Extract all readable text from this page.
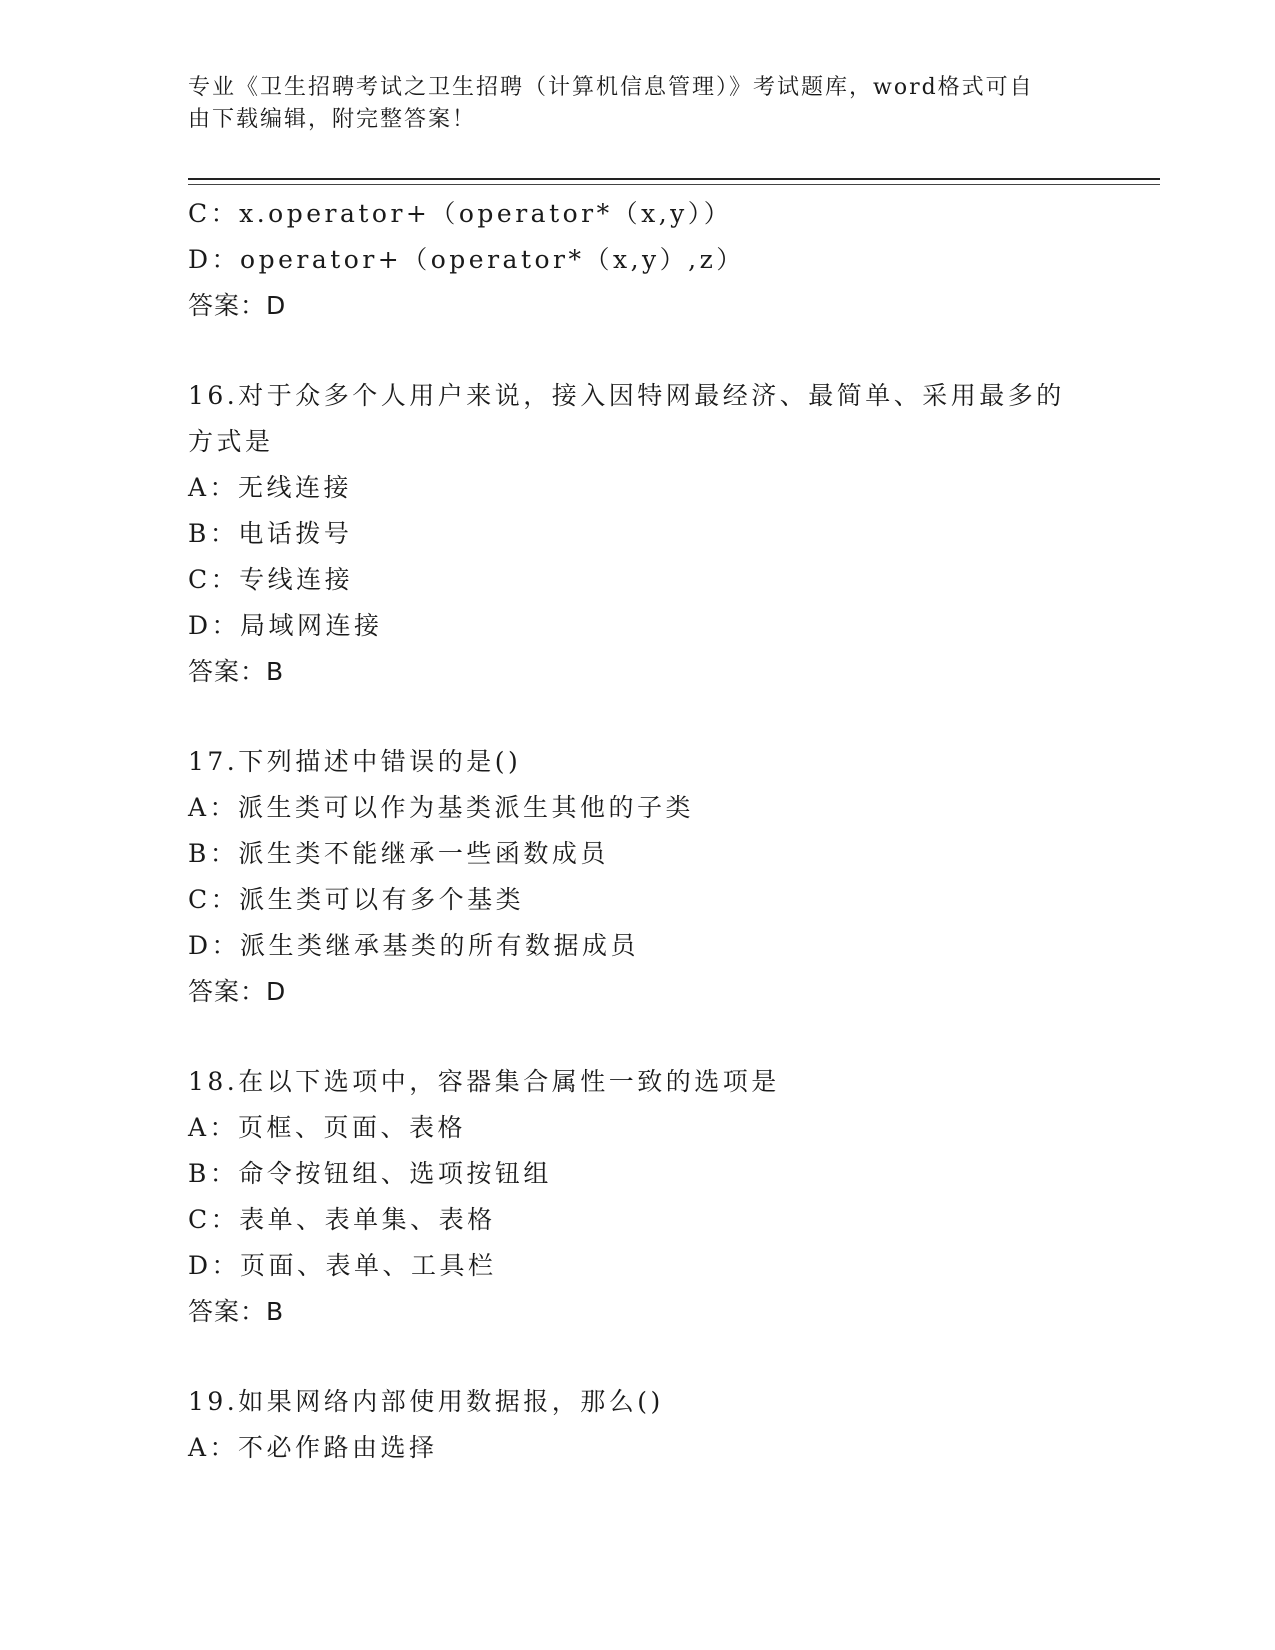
专业《卫生招聘考试之卫生招聘（计算机信息管理）》考试题库，word格式可自
由下载编辑，附完整答案！
C：x.operator+（operator*（x,y））
D：operator+（operator*（x,y）,z）
答案：D
16.对于众多个人用户来说，接入因特网最经济、最简单、采用最多的
方式是
A：无线连接
B：电话拨号
C：专线连接
D：局域网连接
答案：B
17.下列描述中错误的是()
A：派生类可以作为基类派生其他的子类
B：派生类不能继承一些函数成员
C：派生类可以有多个基类
D：派生类继承基类的所有数据成员
答案：D
18.在以下选项中，容器集合属性一致的选项是
A：页框、页面、表格
B：命令按钮组、选项按钮组
C：表单、表单集、表格
D：页面、表单、工具栏
答案：B
19.如果网络内部使用数据报，那么()
A：不必作路由选择
